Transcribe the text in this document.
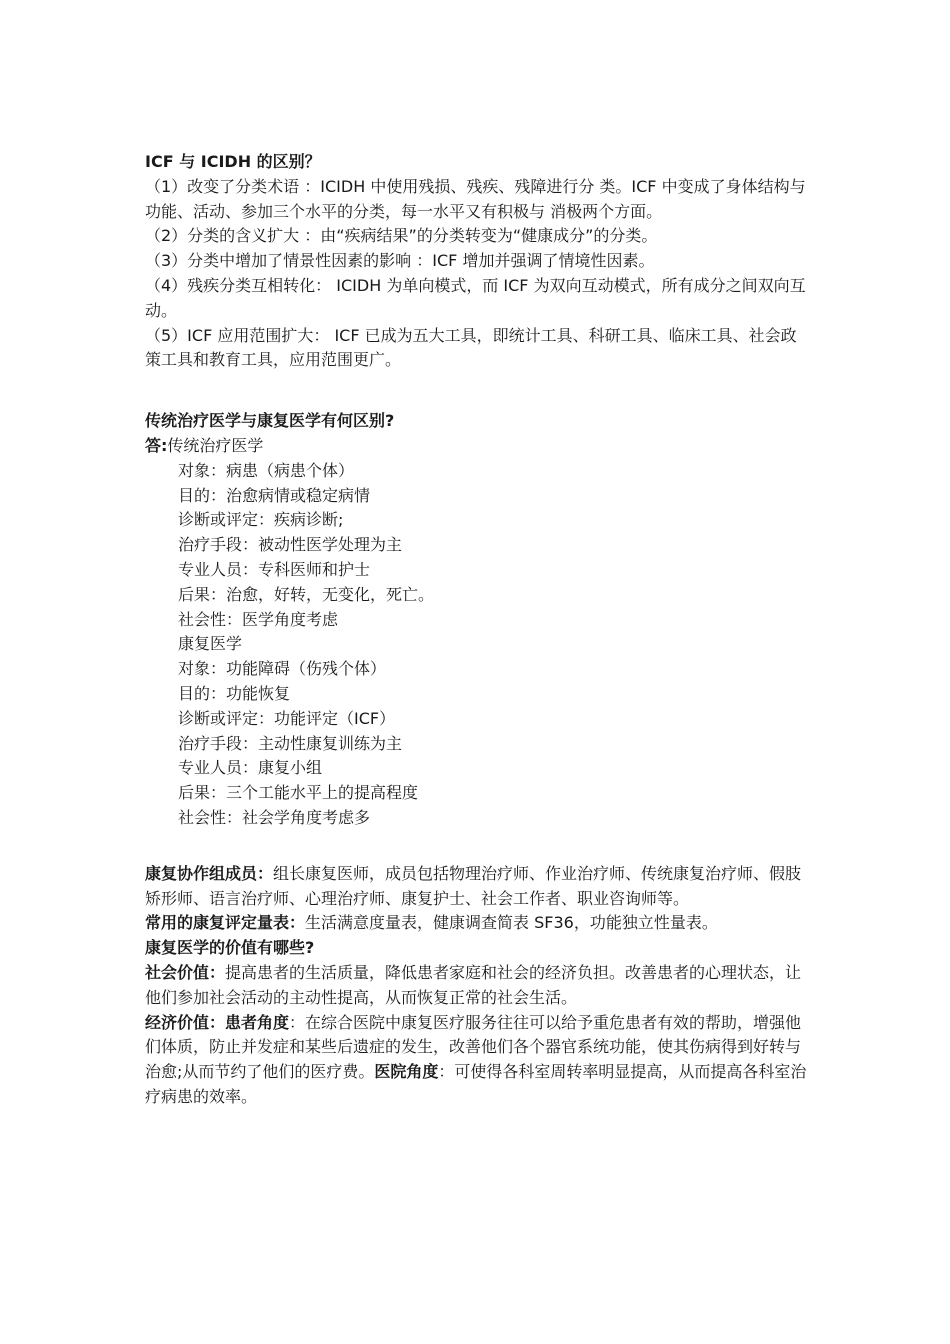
ICF 与 ICIDH 的区别？

（1）改变了分类术语 ：ICIDH 中使用残损、残疾、残障进行分 类。ICF 中变成了身体结构与功能、活动、参加三个水平的分类，每一水平又有积极与 消极两个方面。

（2）分类的含义扩大 ：由“疾病结果”的分类转变为“健康成分”的分类。

（3）分类中增加了情景性因素的影响 ：ICF 增加并强调了情境性因素。

（4）残疾分类互相转化： ICIDH 为单向模式，而 ICF 为双向互动模式，所有成分之间双向互动。

（5）ICF 应用范围扩大： ICF 已成为五大工具，即统计工具、科研工具、临床工具、社会政策工具和教育工具，应用范围更广。

传统治疗医学与康复医学有何区别?

答:传统治疗医学

对象：病患（病患个体）

目的：治愈病情或稳定病情

诊断或评定：疾病诊断;

治疗手段：被动性医学处理为主

专业人员：专科医师和护士

后果：治愈，好转，无变化，死亡。

社会性：医学角度考虑

康复医学

对象：功能障碍（伤残个体）

目的：功能恢复

诊断或评定：功能评定（ICF）

治疗手段：主动性康复训练为主

专业人员：康复小组

后果：三个工能水平上的提高程度

社会性：社会学角度考虑多

康复协作组成员：组长康复医师，成员包括物理治疗师、作业治疗师、传统康复治疗师、假肢矫形师、语言治疗师、心理治疗师、康复护士、社会工作者、职业咨询师等。

常用的康复评定量表：生活满意度量表，健康调查简表 SF36，功能独立性量表。

康复医学的价值有哪些?

社会价值：提高患者的生活质量，降低患者家庭和社会的经济负担。改善患者的心理状态，让他们参加社会活动的主动性提高，从而恢复正常的社会生活。

经济价值：患者角度：在综合医院中康复医疗服务往往可以给予重危患者有效的帮助，增强他们体质，防止并发症和某些后遗症的发生，改善他们各个器官系统功能，使其伤病得到好转与治愈;从而节约了他们的医疗费。医院角度：可使得各科室周转率明显提高，从而提高各科室治疗病患的效率。
